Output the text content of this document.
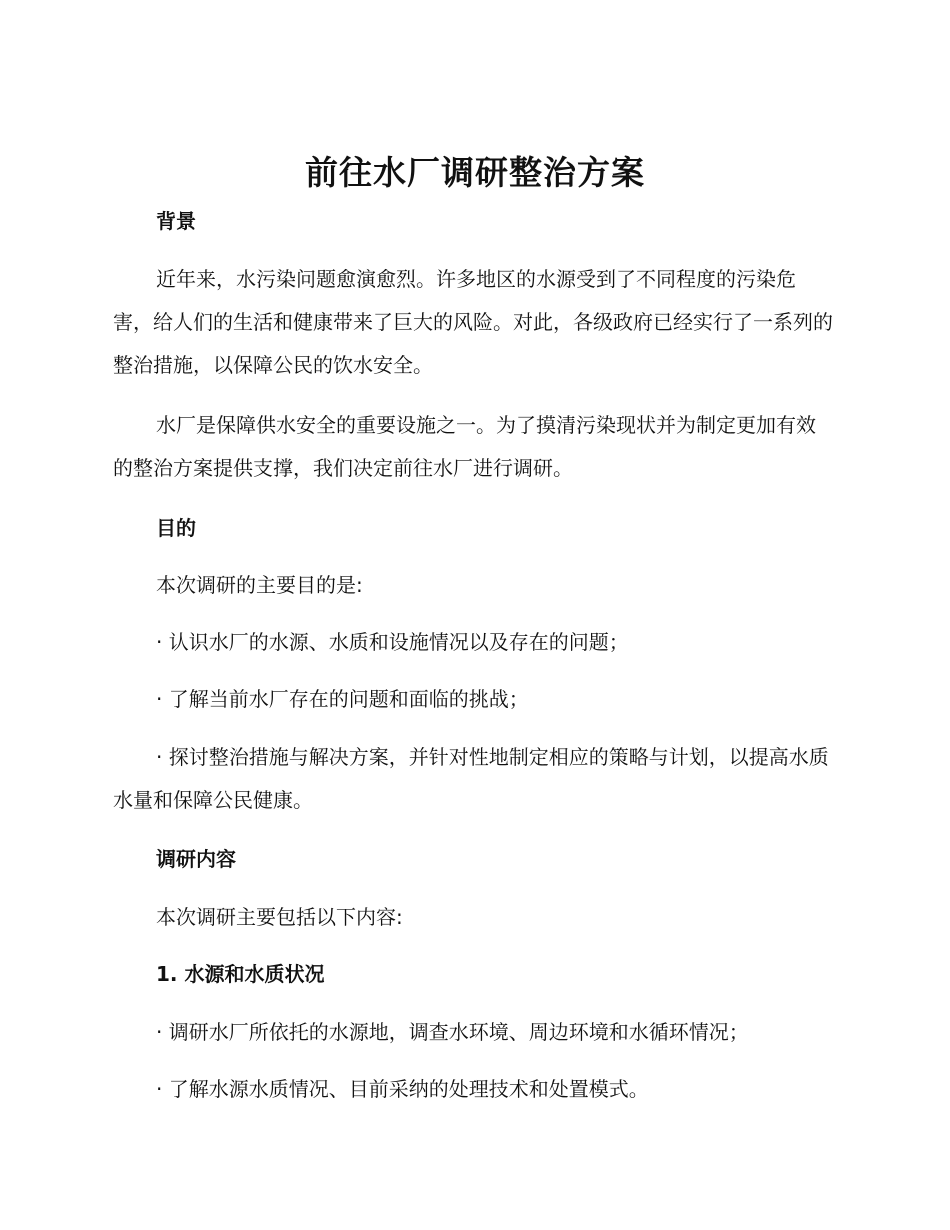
前往水厂调研整治方案
背景

近年来，水污染问题愈演愈烈。许多地区的水源受到了不同程度的污染危害，给人们的生活和健康带来了巨大的风险。对此，各级政府已经实行了一系列的整治措施，以保障公民的饮水安全。

水厂是保障供水安全的重要设施之一。为了摸清污染现状并为制定更加有效的整治方案提供支撑，我们决定前往水厂进行调研。

目的
本次调研的主要目的是:
· 认识水厂的水源、水质和设施情况以及存在的问题；
· 了解当前水厂存在的问题和面临的挑战；

· 探讨整治措施与解决方案，并针对性地制定相应的策略与计划，以提高水质水量和保障公民健康。

调研内容
本次调研主要包括以下内容:
1. 水源和水质状况
· 调研水厂所依托的水源地，调查水环境、周边环境和水循环情况；
· 了解水源水质情况、目前采纳的处理技术和处置模式。
